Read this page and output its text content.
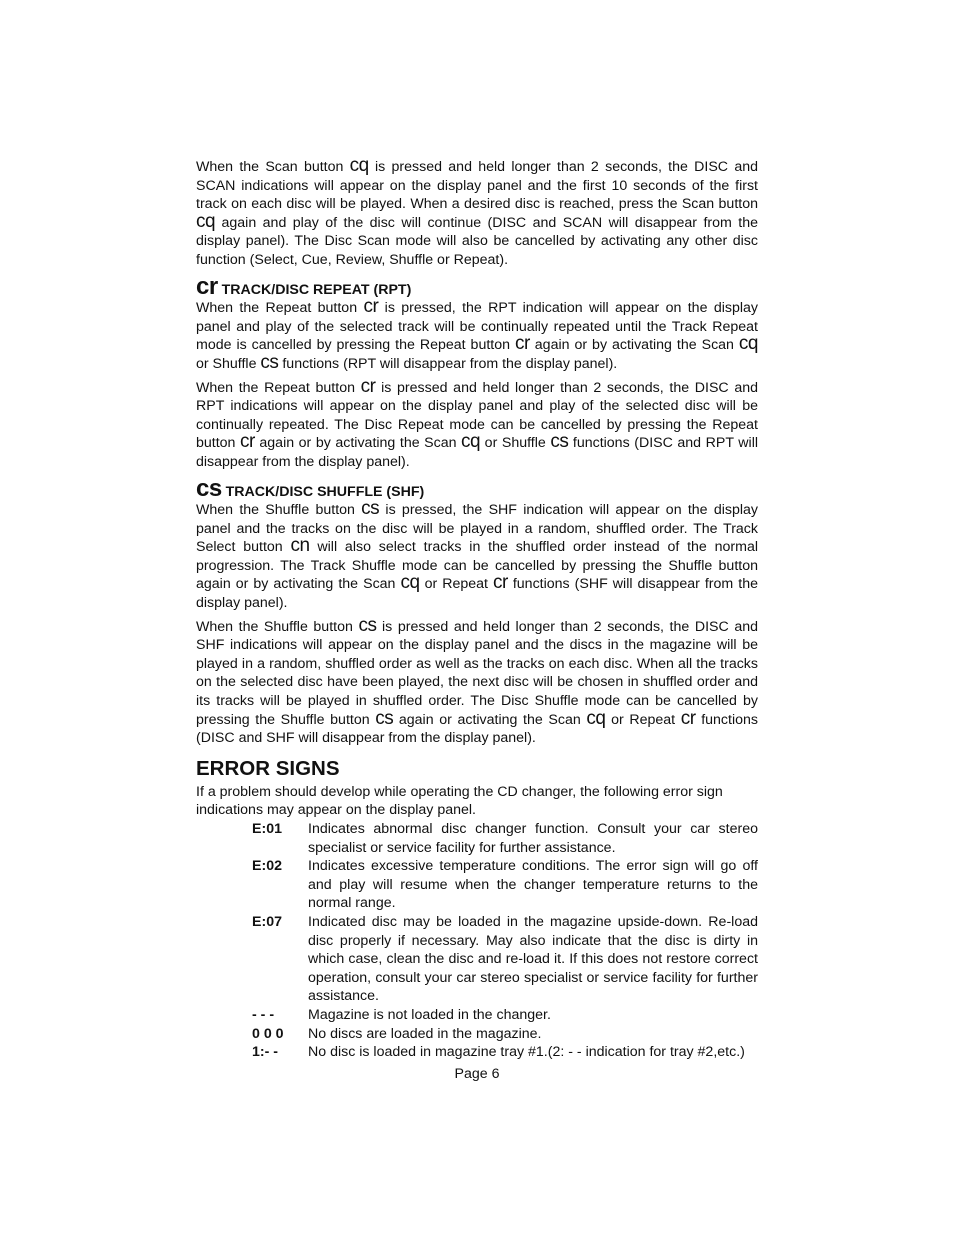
When the Scan button cq is pressed and held longer than 2 seconds, the DISC and SCAN indications will appear on the display panel and the first 10 seconds of the first track on each disc will be played. When a desired disc is reached, press the Scan button cq again and play of the disc will continue (DISC and SCAN will disappear from the display panel). The Disc Scan mode will also be cancelled by activating any other disc function (Select, Cue, Review, Shuffle or Repeat).

cr TRACK/DISC REPEAT (RPT)

When the Repeat button cr is pressed, the RPT indication will appear on the display panel and play of the selected track will be continually repeated until the Track Repeat mode is cancelled by pressing the Repeat button cr again or by activating the Scan cq or Shuffle cs functions (RPT will disappear from the display panel).

When the Repeat button cr is pressed and held longer than 2 seconds, the DISC and RPT indications will appear on the display panel and play of the selected disc will be continually repeated. The Disc Repeat mode can be cancelled by pressing the Repeat button cr again or by activating the Scan cq or Shuffle cs functions (DISC and RPT will disappear from the display panel).

cs TRACK/DISC SHUFFLE (SHF)

When the Shuffle button cs is pressed, the SHF indication will appear on the display panel and the tracks on the disc will be played in a random, shuffled order. The Track Select button cn will also select tracks in the shuffled order instead of the normal progression. The Track Shuffle mode can be cancelled by pressing the Shuffle button again or by activating the Scan cq or Repeat cr functions (SHF will disappear from the display panel).

When the Shuffle button cs is pressed and held longer than 2 seconds, the DISC and SHF indications will appear on the display panel and the discs in the magazine will be played in a random, shuffled order as well as the tracks on each disc. When all the tracks on the selected disc have been played, the next disc will be chosen in shuffled order and its tracks will be played in shuffled order. The Disc Shuffle mode can be cancelled by pressing the Shuffle button cs again or activating the Scan cq or Repeat cr functions (DISC and SHF will disappear from the display panel).

ERROR SIGNS

If a problem should develop while operating the CD changer, the following error sign indications may appear on the display panel.

E:01	Indicates abnormal disc changer function. Consult your car stereo specialist or service facility for further assistance.
E:02	Indicates excessive temperature conditions. The error sign will go off and play will resume when the changer temperature returns to the normal range.
E:07	Indicated disc may be loaded in the magazine upside-down. Re-load disc properly if necessary. May also indicate that the disc is dirty in which case, clean the disc and re-load it. If this does not restore correct operation, consult your car stereo specialist or service facility for further assistance.
- - -	Magazine is not loaded in the changer.
0 0 0	No discs are loaded in the magazine.
1:- -	No disc is loaded in magazine tray #1.(2: - - indication for tray #2,etc.)
Page 6
